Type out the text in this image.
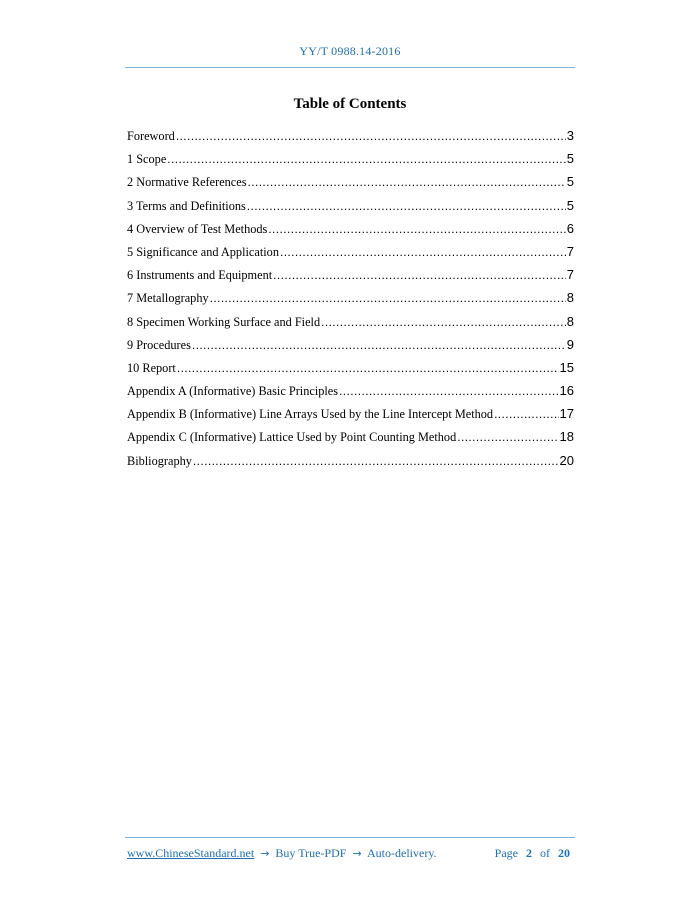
YY/T 0988.14-2016
Table of Contents
Foreword .....	3
1 Scope .....	5
2 Normative References .....	5
3 Terms and Definitions .....	5
4 Overview of Test Methods .....	6
5 Significance and Application .....	7
6 Instruments and Equipment .....	7
7 Metallography .....	8
8 Specimen Working Surface and Field .....	8
9 Procedures .....	9
10 Report .....	15
Appendix A (Informative) Basic Principles .....	16
Appendix B (Informative) Line Arrays Used by the Line Intercept Method .....	17
Appendix C (Informative) Lattice Used by Point Counting Method .....	18
Bibliography .....	20
www.ChineseStandard.net → Buy True-PDF → Auto-delivery.	Page 2 of 20
